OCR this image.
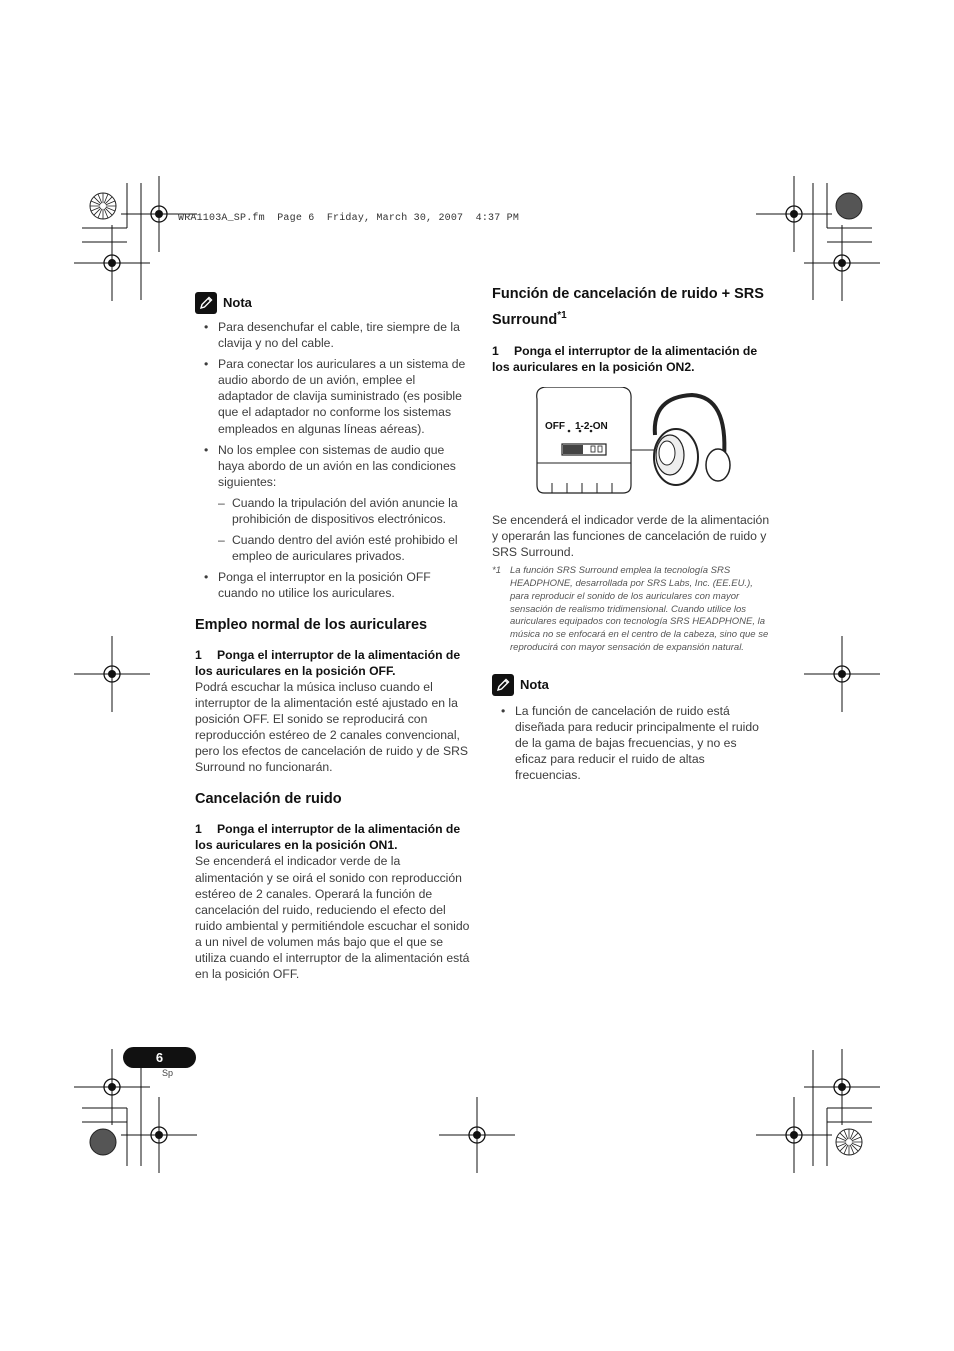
WRA1103A_SP.fm  Page 6  Friday, March 30, 2007  4:37 PM
Nota
• Para desenchufar el cable, tire siempre de la clavija y no del cable.
• Para conectar los auriculares a un sistema de audio abordo de un avión, emplee el adaptador de clavija suministrado (es posible que el adaptador no conforme los sistemas empleados en algunas líneas aéreas).
• No los emplee con sistemas de audio que haya abordo de un avión en las condiciones siguientes:
– Cuando la tripulación del avión anuncie la prohibición de dispositivos electrónicos.
– Cuando dentro del avión esté prohibido el empleo de auriculares privados.
• Ponga el interruptor en la posición OFF cuando no utilice los auriculares.
Empleo normal de los auriculares

1 Ponga el interruptor de la alimentación de los auriculares en la posición OFF.

Podrá escuchar la música incluso cuando el interruptor de la alimentación esté ajustado en la posición OFF. El sonido se reproducirá con reproducción estéreo de 2 canales convencional, pero los efectos de cancelación de ruido y de SRS Surround no funcionarán.

Cancelación de ruido

1 Ponga el interruptor de la alimentación de los auriculares en la posición ON1.

Se encenderá el indicador verde de la alimentación y se oirá el sonido con reproducción estéreo de 2 canales. Operará la función de cancelación del ruido, reduciendo el efecto del ruido ambiental y permitiéndole escuchar el sonido a un nivel de volumen más bajo que el que se utiliza cuando el interruptor de la alimentación está en la posición OFF.

Función de cancelación de ruido + SRS Surround$^{*1}$

1 Ponga el interruptor de la alimentación de los auriculares en la posición ON2.

OFF 1-2-ON

Se encenderá el indicador verde de la alimentación y operarán las funciones de cancelación de ruido y SRS Surround.

*1 La función SRS Surround emplea la tecnología SRS HEADPHONE, desarrollada por SRS Labs, Inc. (EE.EU.), para reproducir el sonido de los auriculares con mayor sensación de realismo tridimensional. Cuando utilice los auriculares equipados con tecnología SRS HEADPHONE, la música no se enfocará en el centro de la cabeza, sino que se reproducirá con mayor sensación de expansión natural.

Nota
• La función de cancelación de ruido está diseñada para reducir principalmente el ruido de la gama de bajas frecuencias, y no es eficaz para reducir el ruido de altas frecuencias.
6
Sp
